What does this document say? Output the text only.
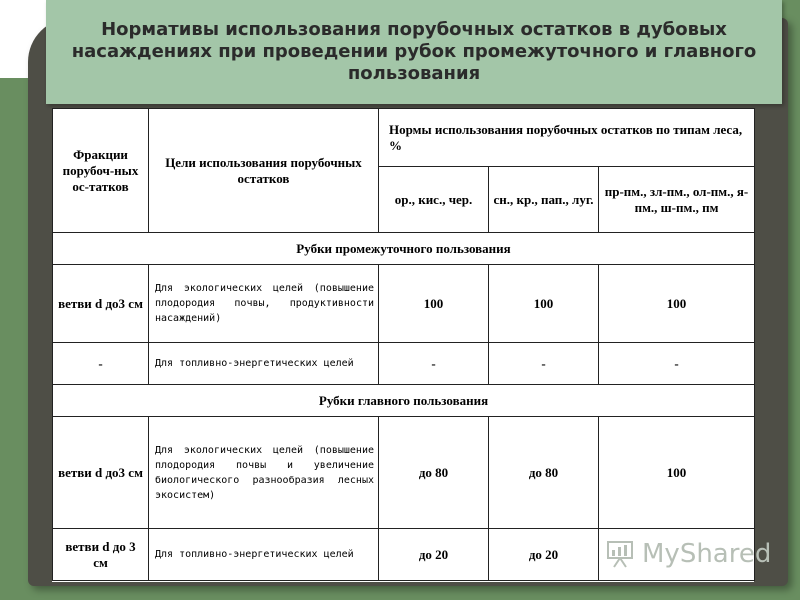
Нормативы использования порубочных остатков в дубовых насаждениях при проведении рубок промежуточного и главного пользования
Фракции порубоч-ных ос-татков	Цели использования порубочных остатков	Нормы использования порубочных остатков по типам леса, %		
		ор., кис., чер.	сн., кр., пап., луг.	пр-пм., зл-пм., ол-пм., я-пм., ш-пм., пм
Рубки промежуточного пользования				
ветви d до3 см	Для экологических целей (повышение плодородия почвы, продуктивности насаждений)	100	100	100
-	Для топливно-энергетических целей	-	-	-
Рубки главного пользования				
ветви d до3 см	Для экологических целей (повышение плодородия почвы и увеличение биологического разнообразия лесных экосистем)	до 80	до 80	100
ветви d до 3 см	Для топливно-энергетических целей	до 20	до 20		MyShared
